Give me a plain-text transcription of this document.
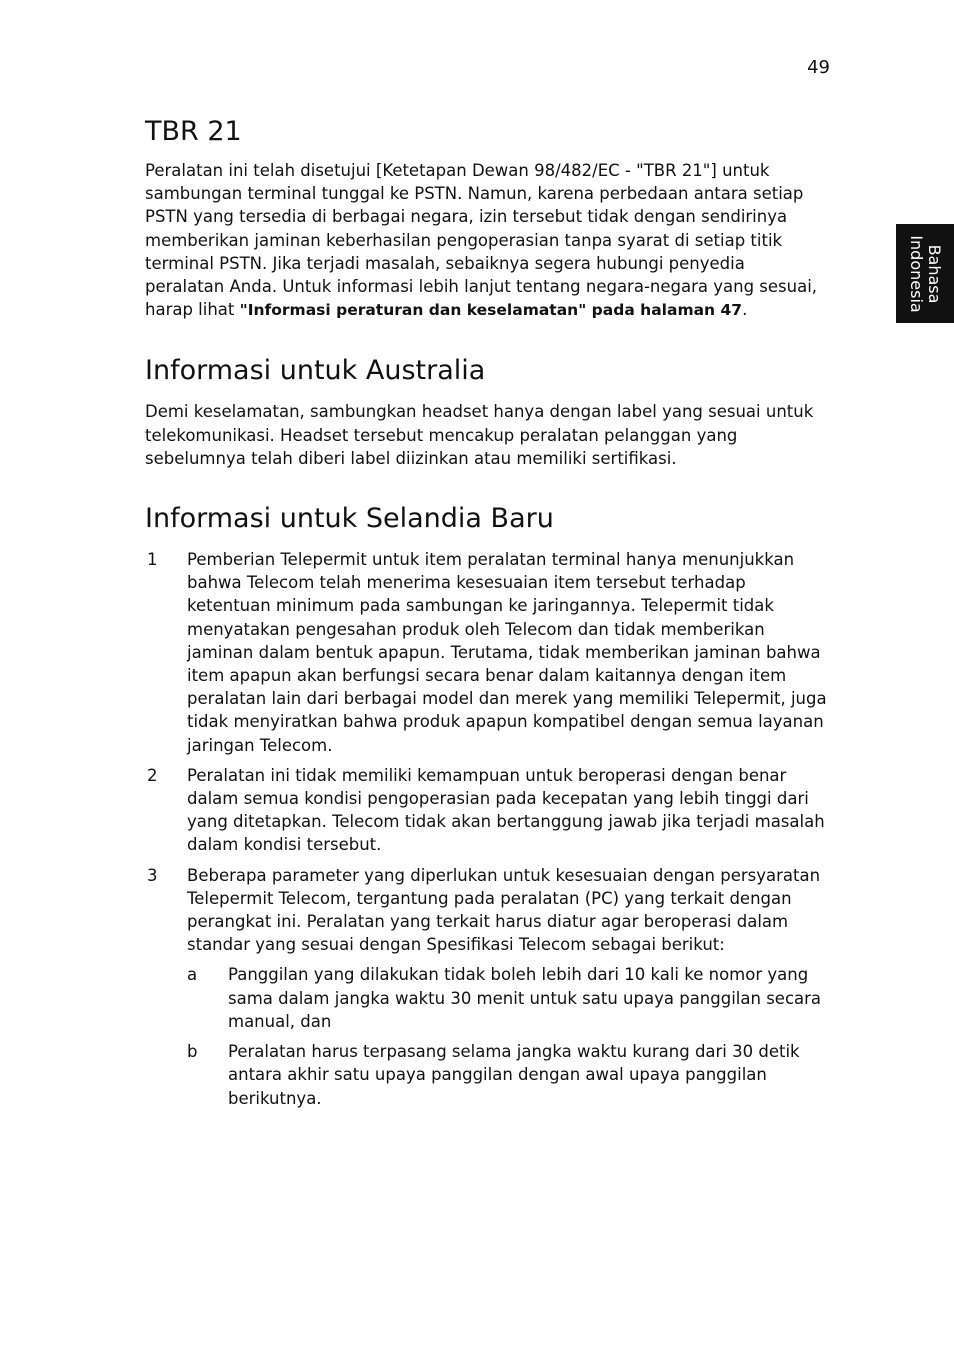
49
Bahasa
Indonesia
TBR 21

Peralatan ini telah disetujui [Ketetapan Dewan 98/482/EC - "TBR 21"] untuk sambungan terminal tunggal ke PSTN. Namun, karena perbedaan antara setiap PSTN yang tersedia di berbagai negara, izin tersebut tidak dengan sendirinya memberikan jaminan keberhasilan pengoperasian tanpa syarat di setiap titik terminal PSTN. Jika terjadi masalah, sebaiknya segera hubungi penyedia peralatan Anda. Untuk informasi lebih lanjut tentang negara-negara yang sesuai, harap lihat "Informasi peraturan dan keselamatan" pada halaman 47.

Informasi untuk Australia

Demi keselamatan, sambungkan headset hanya dengan label yang sesuai untuk telekomunikasi. Headset tersebut mencakup peralatan pelanggan yang sebelumnya telah diberi label diizinkan atau memiliki sertifikasi.

Informasi untuk Selandia Baru
1 Pemberian Telepermit untuk item peralatan terminal hanya menunjukkan bahwa Telecom telah menerima kesesuaian item tersebut terhadap ketentuan minimum pada sambungan ke jaringannya. Telepermit tidak menyatakan pengesahan produk oleh Telecom dan tidak memberikan jaminan dalam bentuk apapun. Terutama, tidak memberikan jaminan bahwa item apapun akan berfungsi secara benar dalam kaitannya dengan item peralatan lain dari berbagai model dan merek yang memiliki Telepermit, juga tidak menyiratkan bahwa produk apapun kompatibel dengan semua layanan jaringan Telecom.
2 Peralatan ini tidak memiliki kemampuan untuk beroperasi dengan benar dalam semua kondisi pengoperasian pada kecepatan yang lebih tinggi dari yang ditetapkan. Telecom tidak akan bertanggung jawab jika terjadi masalah dalam kondisi tersebut.
3 Beberapa parameter yang diperlukan untuk kesesuaian dengan persyaratan Telepermit Telecom, tergantung pada peralatan (PC) yang terkait dengan perangkat ini. Peralatan yang terkait harus diatur agar beroperasi dalam standar yang sesuai dengan Spesifikasi Telecom sebagai berikut:
a Panggilan yang dilakukan tidak boleh lebih dari 10 kali ke nomor yang sama dalam jangka waktu 30 menit untuk satu upaya panggilan secara manual, dan
b Peralatan harus terpasang selama jangka waktu kurang dari 30 detik antara akhir satu upaya panggilan dengan awal upaya panggilan berikutnya.
